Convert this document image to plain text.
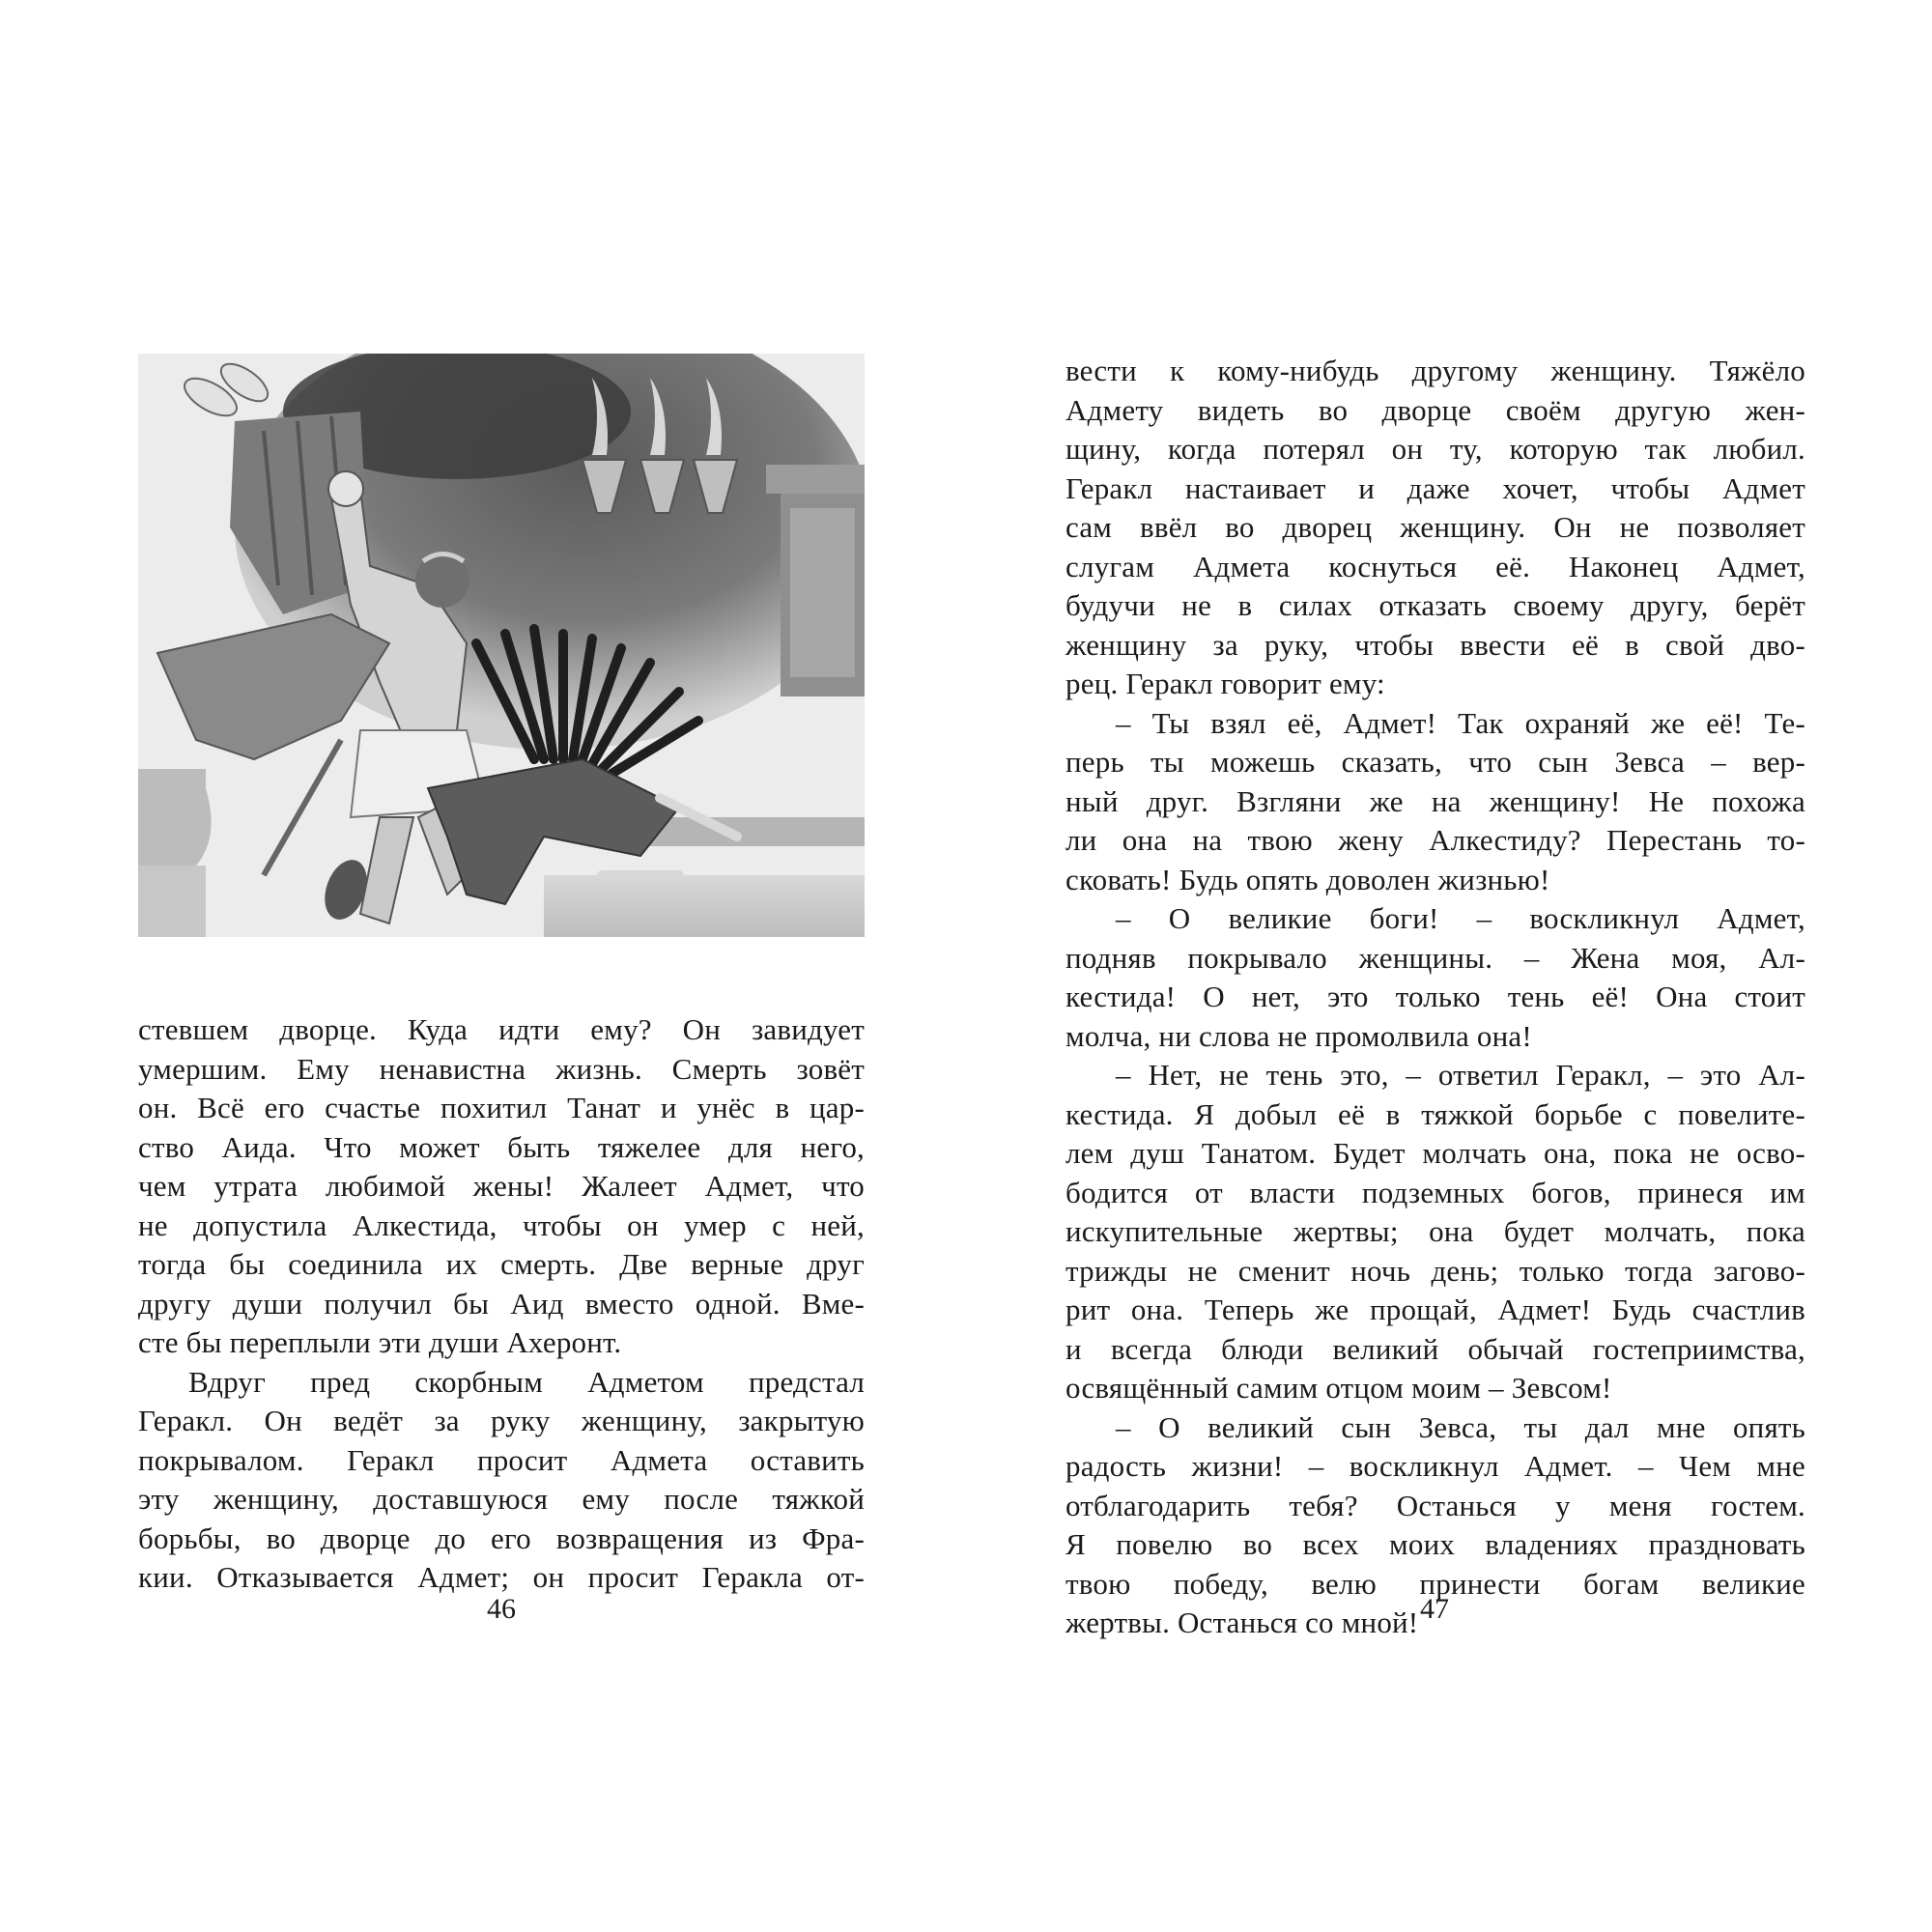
стевшем дворце. Куда идти ему? Он завидует
умершим. Ему ненавистна жизнь. Смерть зовёт
он. Всё его счастье похитил Танат и унёс в цар-
ство Аида. Что может быть тяжелее для него,
чем утрата любимой жены! Жалеет Адмет, что
не допустила Алкестида, чтобы он умер с ней,
тогда бы соединила их смерть. Две верные друг
другу души получил бы Аид вместо одной. Вме-
сте бы переплыли эти души Ахеронт.
Вдруг пред скорбным Адметом предстал
Геракл. Он ведёт за руку женщину, закрытую
покрывалом. Геракл просит Адмета оставить
эту женщину, доставшуюся ему после тяжкой
борьбы, во дворце до его возвращения из Фра-
кии. Отказывается Адмет; он просит Геракла от-
46
вести к кому-нибудь другому женщину. Тяжёло
Адмету видеть во дворце своём другую жен-
щину, когда потерял он ту, которую так любил.
Геракл настаивает и даже хочет, чтобы Адмет
сам ввёл во дворец женщину. Он не позволяет
слугам Адмета коснуться её. Наконец Адмет,
будучи не в силах отказать своему другу, берёт
женщину за руку, чтобы ввести её в свой дво-
рец. Геракл говорит ему:
– Ты взял её, Адмет! Так охраняй же её! Те-
перь ты можешь сказать, что сын Зевса – вер-
ный друг. Взгляни же на женщину! Не похожа
ли она на твою жену Алкестиду? Перестань то-
сковать! Будь опять доволен жизнью!
– О великие боги! – воскликнул Адмет,
подняв покрывало женщины. – Жена моя, Ал-
кестида! О нет, это только тень её! Она стоит
молча, ни слова не промолвила она!
– Нет, не тень это, – ответил Геракл, – это Ал-
кестида. Я добыл её в тяжкой борьбе с повелите-
лем душ Танатом. Будет молчать она, пока не осво-
бодится от власти подземных богов, принеся им
искупительные жертвы; она будет молчать, пока
трижды не сменит ночь день; только тогда загово-
рит она. Теперь же прощай, Адмет! Будь счастлив
и всегда блюди великий обычай гостеприимства,
освящённый самим отцом моим – Зевсом!
– О великий сын Зевса, ты дал мне опять
радость жизни! – воскликнул Адмет. – Чем мне
отблагодарить тебя? Останься у меня гостем.
Я повелю во всех моих владениях праздновать
твою победу, велю принести богам великие
жертвы. Останься со мной! 47
